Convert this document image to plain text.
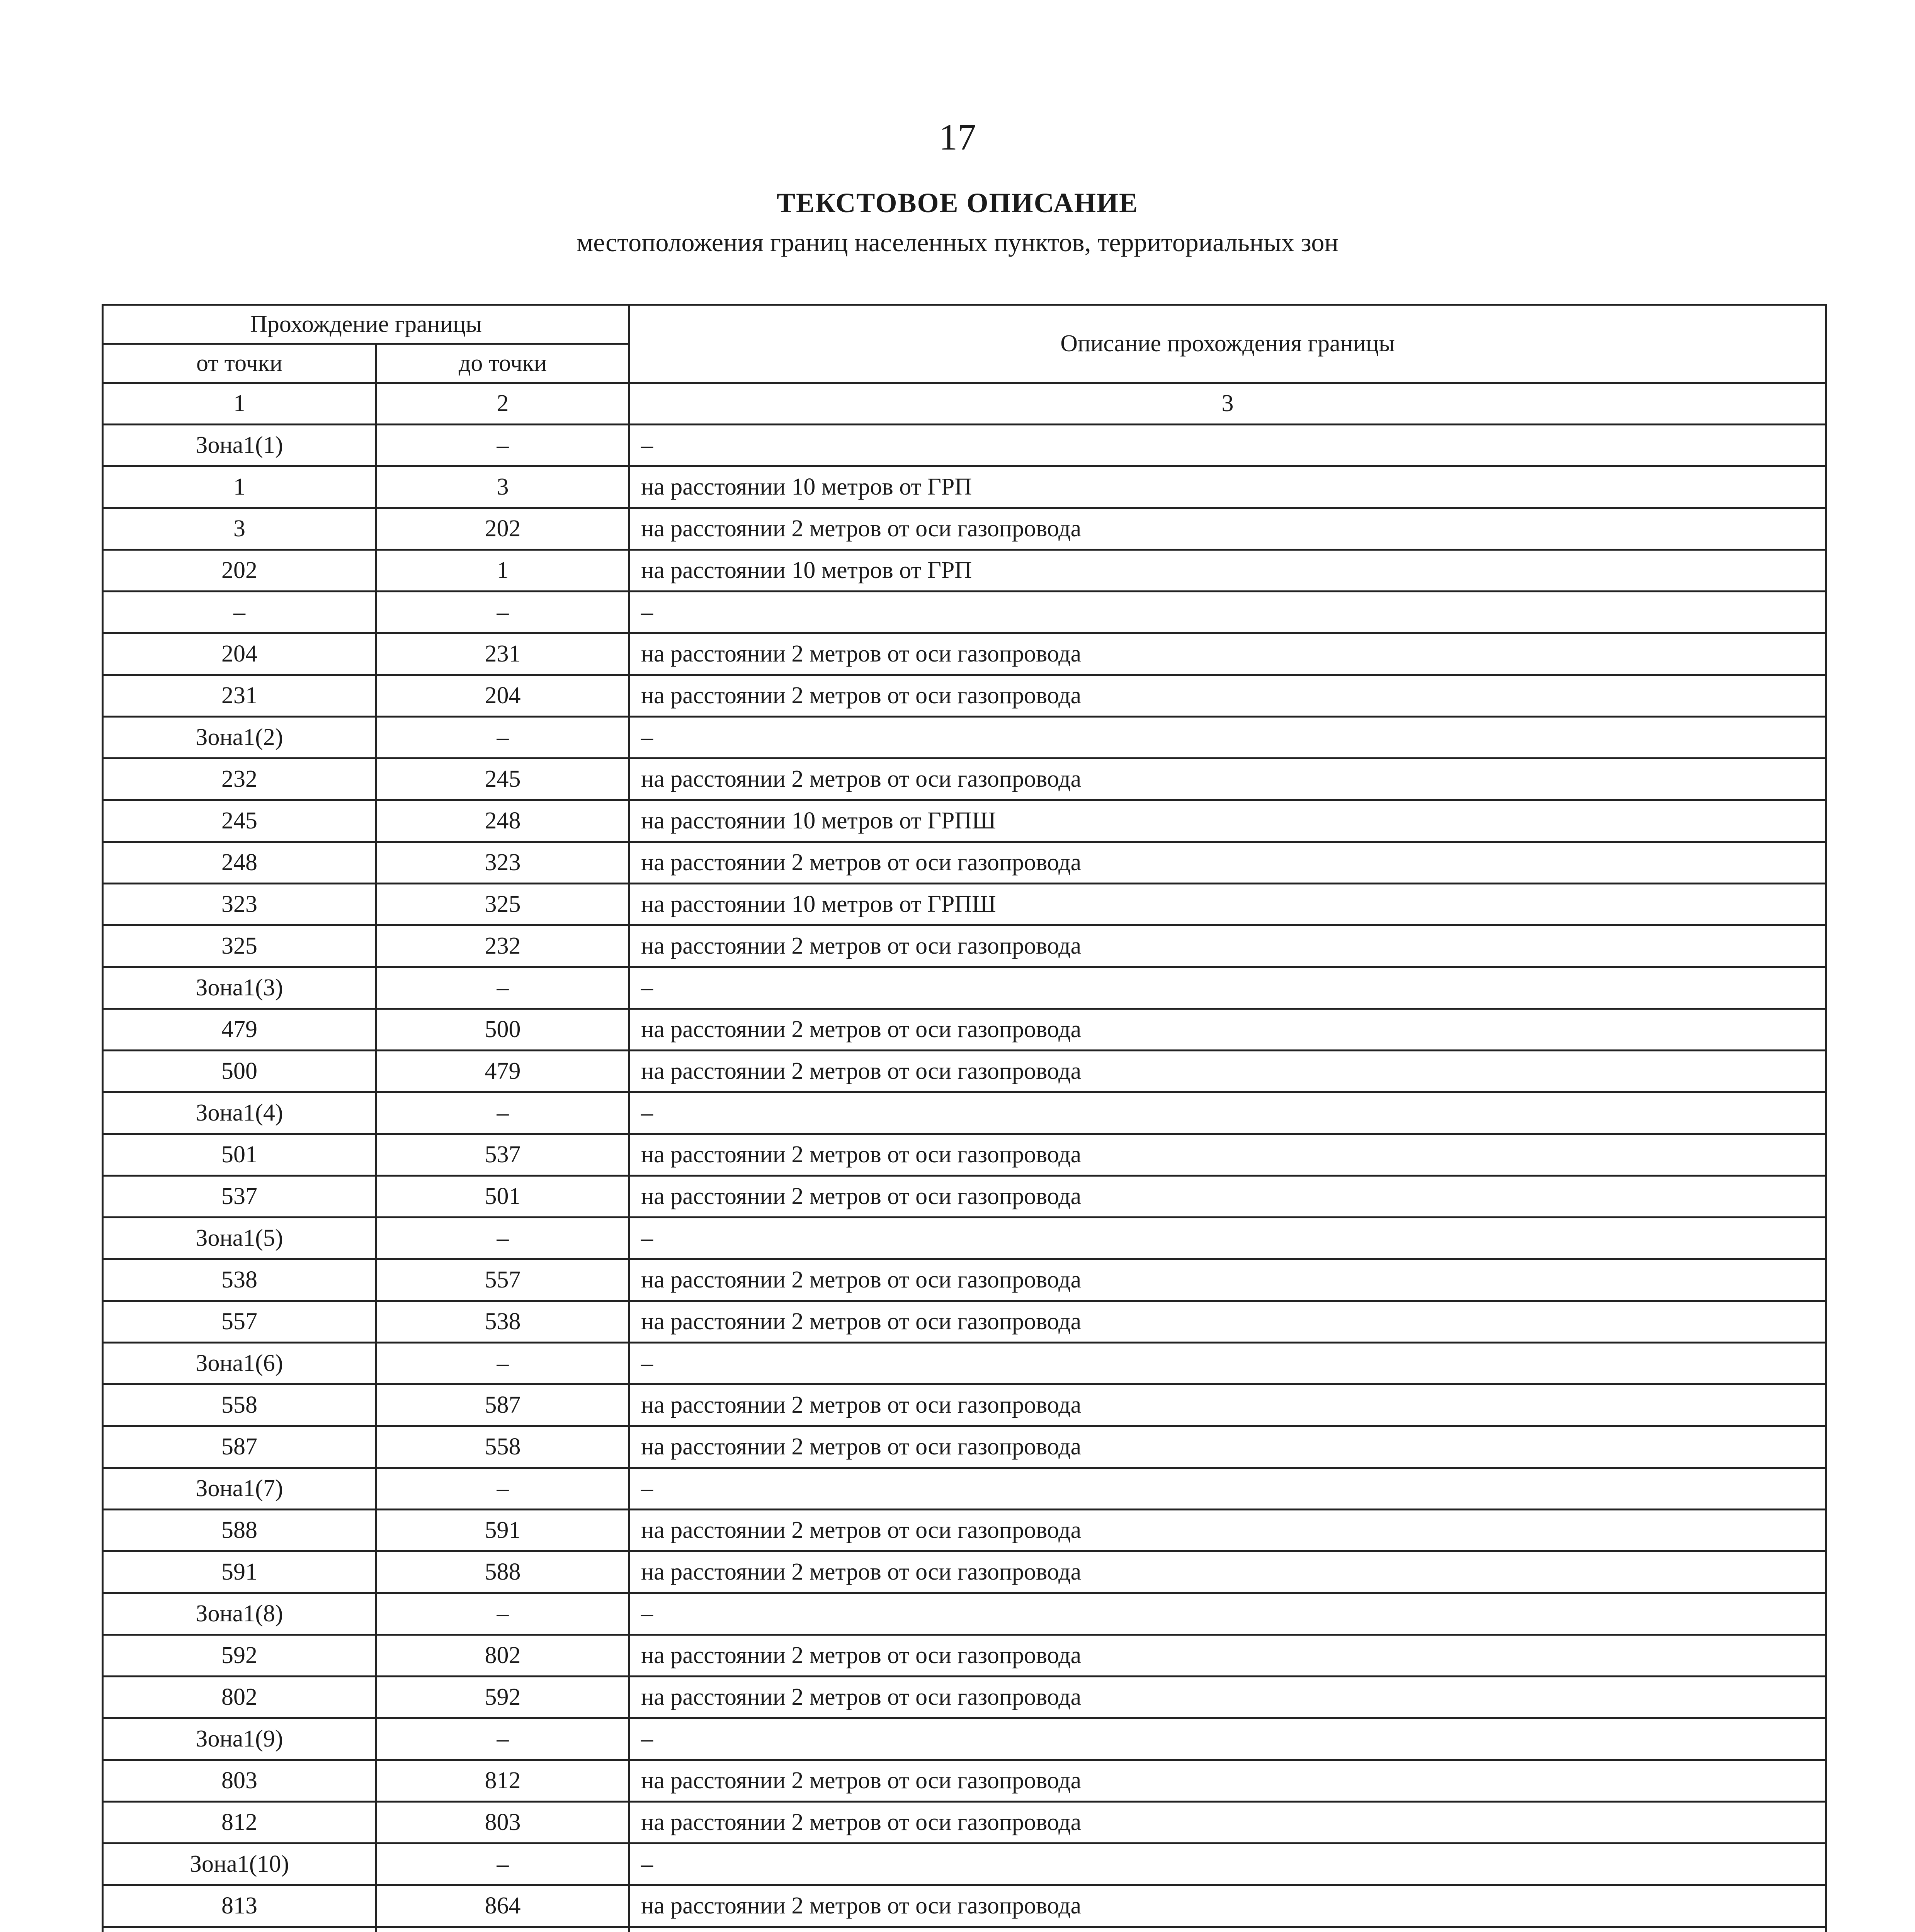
17
ТЕКСТОВОЕ ОПИСАНИЕ
местоположения границ населенных пунктов, территориальных зон
Прохождение границы		Описание прохождения границы
от точки	до точки	
1	2	3
Зона1(1)	–	–
1	3	на расстоянии 10 метров от ГРП
3	202	на расстоянии 2 метров от оси газопровода
202	1	на расстоянии 10 метров от ГРП
–	–	–
204	231	на расстоянии 2 метров от оси газопровода
231	204	на расстоянии 2 метров от оси газопровода
Зона1(2)	–	–
232	245	на расстоянии 2 метров от оси газопровода
245	248	на расстоянии 10 метров от ГРПШ
248	323	на расстоянии 2 метров от оси газопровода
323	325	на расстоянии 10 метров от ГРПШ
325	232	на расстоянии 2 метров от оси газопровода
Зона1(3)	–	–
479	500	на расстоянии 2 метров от оси газопровода
500	479	на расстоянии 2 метров от оси газопровода
Зона1(4)	–	–
501	537	на расстоянии 2 метров от оси газопровода
537	501	на расстоянии 2 метров от оси газопровода
Зона1(5)	–	–
538	557	на расстоянии 2 метров от оси газопровода
557	538	на расстоянии 2 метров от оси газопровода
Зона1(6)	–	–
558	587	на расстоянии 2 метров от оси газопровода
587	558	на расстоянии 2 метров от оси газопровода
Зона1(7)	–	–
588	591	на расстоянии 2 метров от оси газопровода
591	588	на расстоянии 2 метров от оси газопровода
Зона1(8)	–	–
592	802	на расстоянии 2 метров от оси газопровода
802	592	на расстоянии 2 метров от оси газопровода
Зона1(9)	–	–
803	812	на расстоянии 2 метров от оси газопровода
812	803	на расстоянии 2 метров от оси газопровода
Зона1(10)	–	–
813	864	на расстоянии 2 метров от оси газопровода
